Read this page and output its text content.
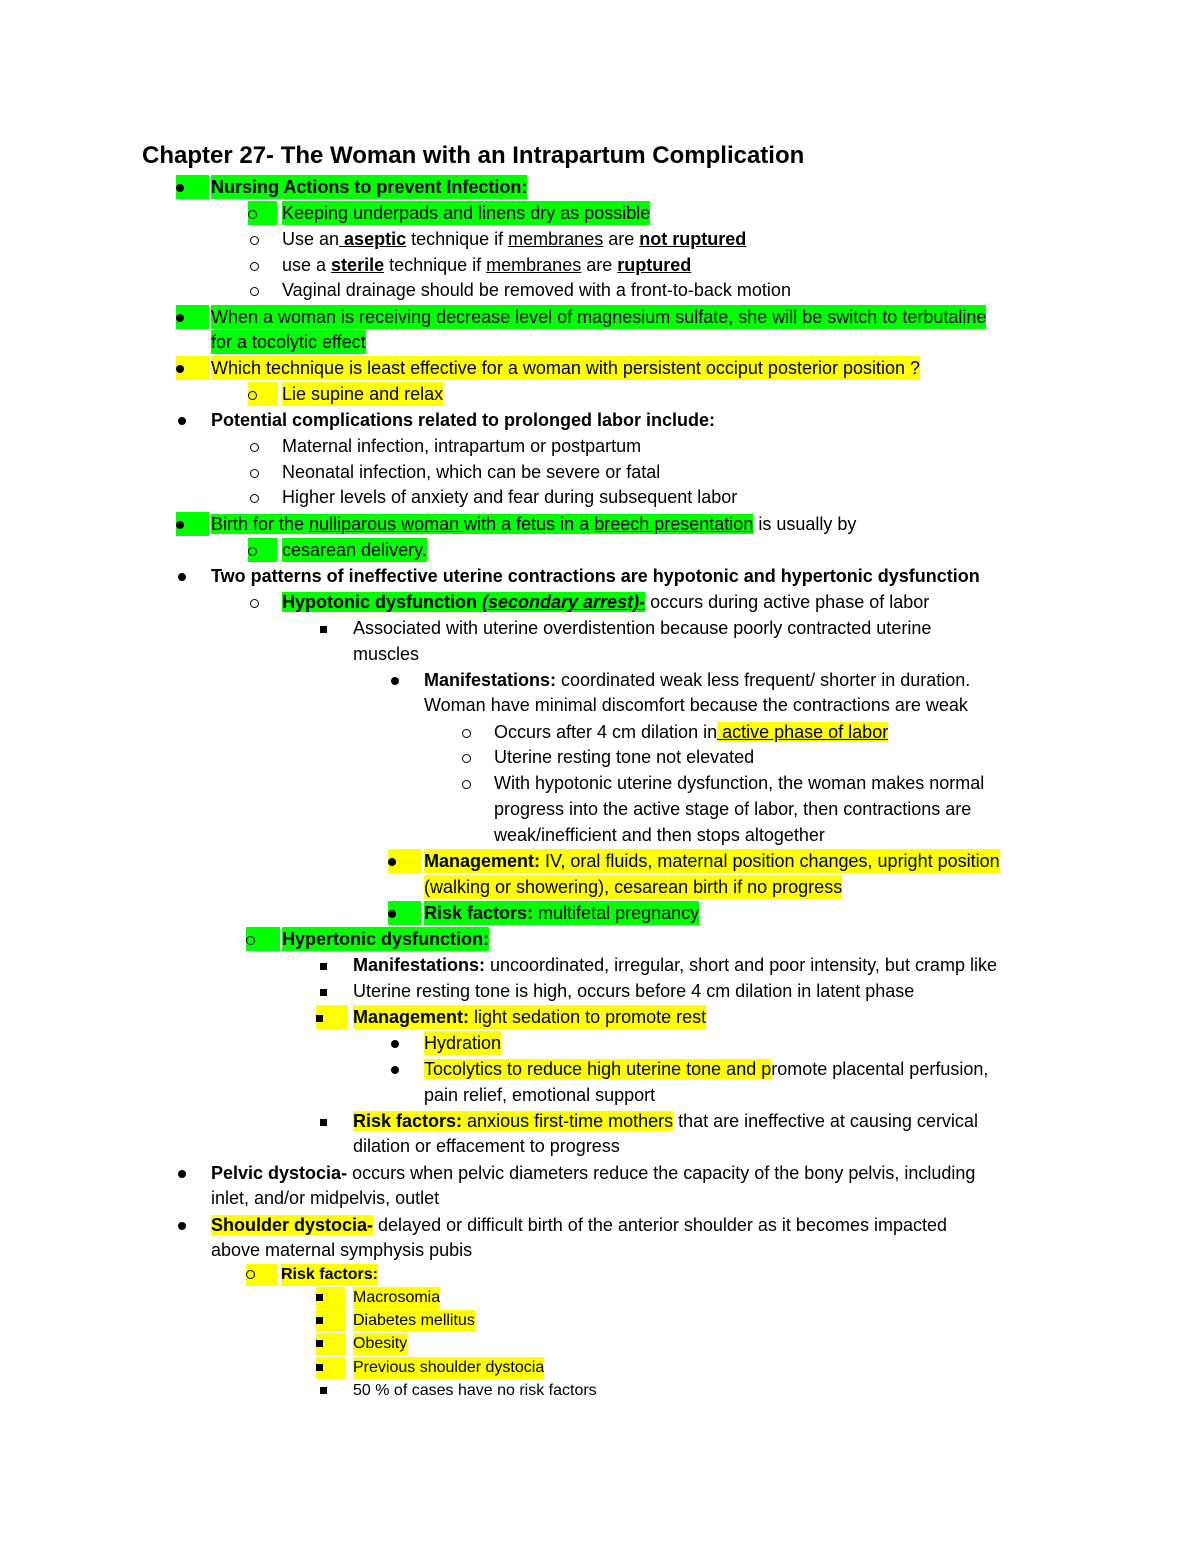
Chapter 27- The Woman with an Intrapartum Complication

Nursing Actions to prevent Infection:

Keeping underpads and linens dry as possible
Use an aseptic technique if membranes are not ruptured
use a sterile technique if membranes are ruptured
Vaginal drainage should be removed with a front-to-back motion

When a woman is receiving decrease level of magnesium sulfate, she will be switch to terbutaline
for a tocolytic effect

Which technique is least effective for a woman with persistent occiput posterior position ?

Lie supine and relax
Potential complications related to prolonged labor include:
Maternal infection, intrapartum or postpartum
Neonatal infection, which can be severe or fatal
Higher levels of anxiety and fear during subsequent labor

Birth for the nulliparous woman with a fetus in a breech presentation is usually by

cesarean delivery.
Two patterns of ineffective uterine contractions are hypotonic and hypertonic dysfunction
Hypotonic dysfunction (secondary arrest)- occurs during active phase of labor
Associated with uterine overdistention because poorly contracted uterine
muscles
Manifestations: coordinated weak less frequent/ shorter in duration.
Woman have minimal discomfort because the contractions are weak
Occurs after 4 cm dilation in active phase of labor
Uterine resting tone not elevated
With hypotonic uterine dysfunction, the woman makes normal
progress into the active stage of labor, then contractions are
weak/inefficient and then stops altogether

Management: IV, oral fluids, maternal position changes, upright position
(walking or showering), cesarean birth if no progress

Risk factors: multifetal pregnancy

Hypertonic dysfunction:
Manifestations: uncoordinated, irregular, short and poor intensity, but cramp like
Uterine resting tone is high, occurs before 4 cm dilation in latent phase

Management: light sedation to promote rest
Hydration
Tocolytics to reduce high uterine tone and promote placental perfusion,
pain relief, emotional support
Risk factors: anxious first-time mothers that are ineffective at causing cervical
dilation or effacement to progress
Pelvic dystocia- occurs when pelvic diameters reduce the capacity of the bony pelvis, including
inlet, and/or midpelvis, outlet
Shoulder dystocia- delayed or difficult birth of the anterior shoulder as it becomes impacted
above maternal symphysis pubis

Risk factors:

Macrosomia

Diabetes mellitus

Obesity

Previous shoulder dystocia
50 % of cases have no risk factors
